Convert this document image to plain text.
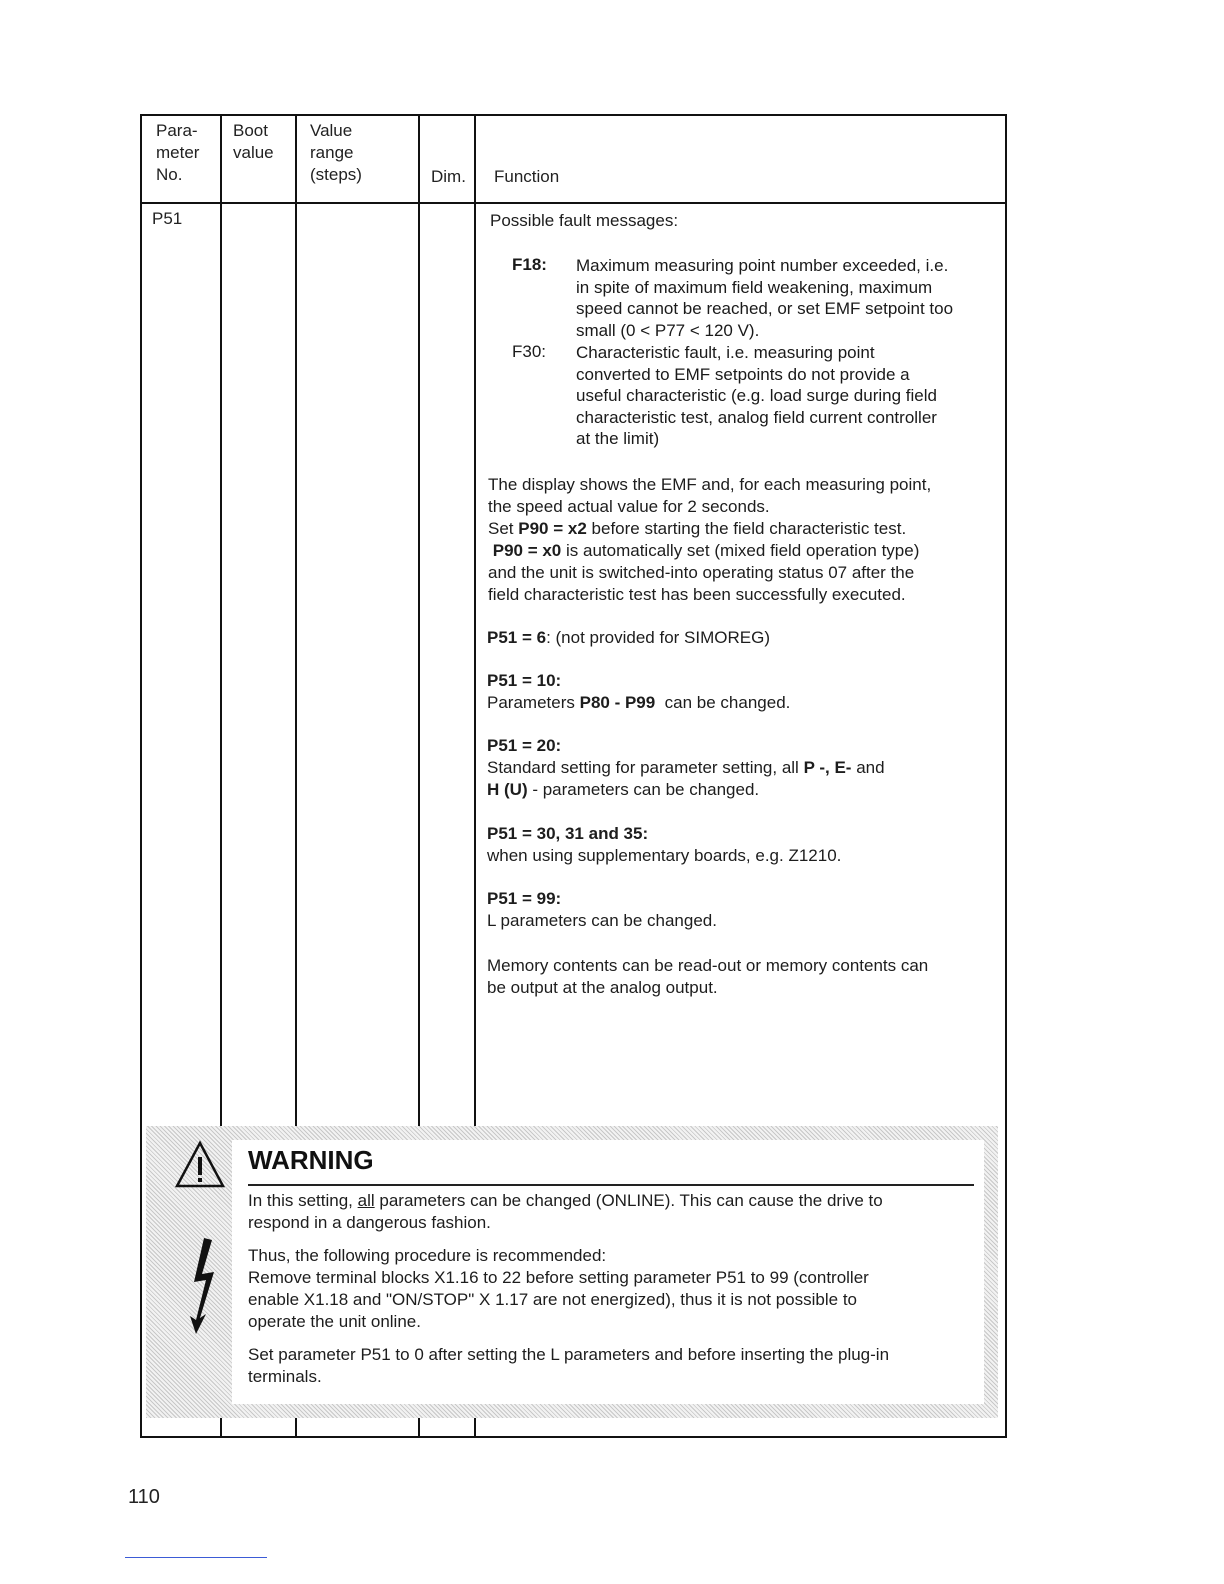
Para-
meter
No.
Boot
value
Value
range
(steps)	Dim. Function
P51	Possible fault messages:
F18: Maximum measuring point number exceeded, i.e.
in spite of maximum field weakening, maximum
speed cannot be reached, or set EMF setpoint too
small (0 < P77 < 120 V).
F30: Characteristic fault, i.e. measuring point
converted to EMF setpoints do not provide a
useful characteristic (e.g. load surge during field
characteristic test, analog field current controller
at the limit)
The display shows the EMF and, for each measuring point,
the speed actual value for 2 seconds.
Set P90 = x2 before starting the field characteristic test.
P90 = x0 is automatically set (mixed field operation type)
and the unit is switched-into operating status 07 after the
field characteristic test has been successfully executed.
P51 = 6: (not provided for SIMOREG)
P51 = 10:
Parameters P80 - P99 can be changed.
P51 = 20:
Standard setting for parameter setting, all P -, E- and
H (U) - parameters can be changed.
P51 = 30, 31 and 35:
when using supplementary boards, e.g. Z1210.
P51 = 99:
L parameters can be changed.
Memory contents can be read-out or memory contents can
be output at the analog output.
WARNING
In this setting, all parameters can be changed (ONLINE). This can cause the drive to
respond in a dangerous fashion.
Thus, the following procedure is recommended:
Remove terminal blocks X1.16 to 22 before setting parameter P51 to 99 (controller
enable X1.18 and "ON/STOP" X 1.17 are not energized), thus it is not possible to
operate the unit online.
Set parameter P51 to 0 after setting the L parameters and before inserting the plug-in
terminals.
110
